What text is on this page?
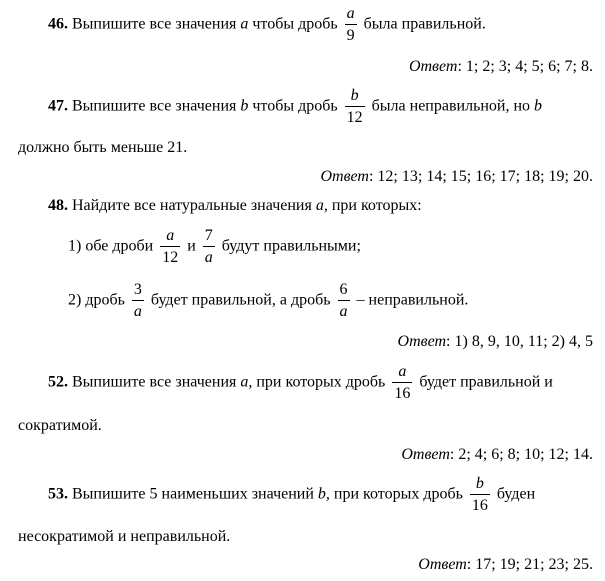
46. Выпишите все значения a чтобы дробь $\frac{a}{9}$ была правильной.
Ответ: 1; 2; 3; 4; 5; 6; 7; 8.
47. Выпишите все значения b чтобы дробь $\frac{b}{12}$ была неправильной, но b
должно быть меньше 21.
Ответ: 12; 13; 14; 15; 16; 17; 18; 19; 20.
48. Найдите все натуральные значения a, при которых:
1) обе дроби $\frac{a}{12}$ и $\frac{7}{a}$ будут правильными;
2) дробь $\frac{3}{a}$ будет правильной, а дробь $\frac{6}{a}$ – неправильной.
Ответ: 1) 8, 9, 10, 11; 2) 4, 5
52. Выпишите все значения a, при которых дробь $\frac{a}{16}$ будет правильной и
сократимой.
Ответ: 2; 4; 6; 8; 10; 12; 14.
53. Выпишите 5 наименьших значений b, при которых дробь $\frac{b}{16}$ буден
несократимой и неправильной.
Ответ: 17; 19; 21; 23; 25.
